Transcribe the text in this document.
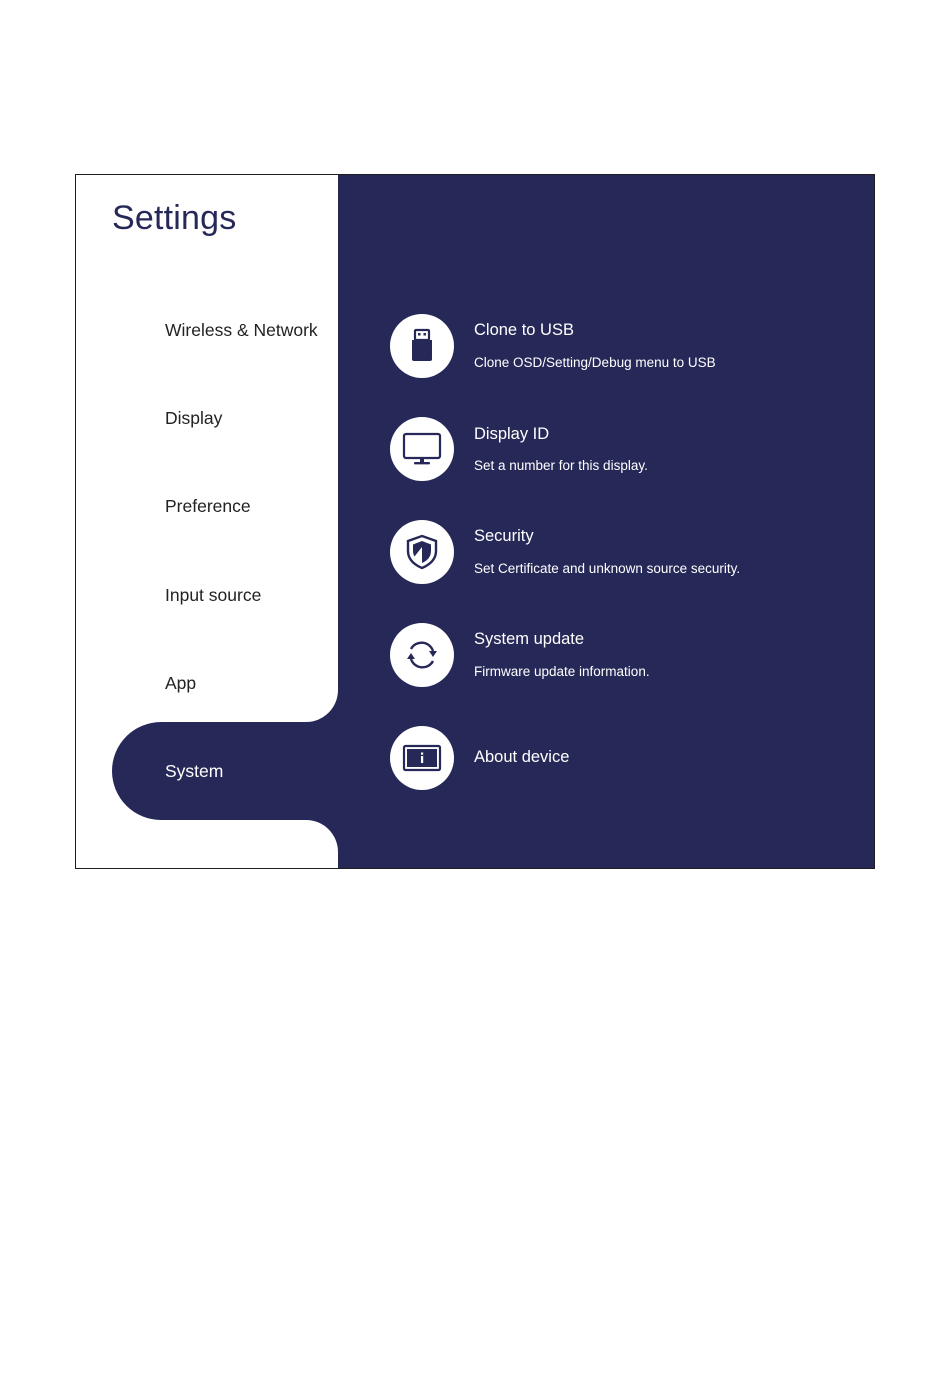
Settings
Wireless & Network
Display
Preference
Input source
App
System
Clone to USB
Clone OSD/Setting/Debug menu to USB
Display ID
Set a number for this display.
Security
Set Certificate and unknown source security.
System update
Firmware update information.
About device
